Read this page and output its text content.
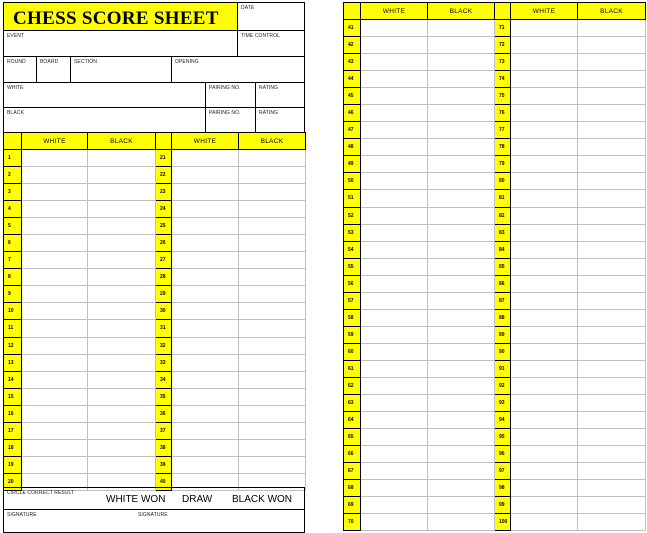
CHESS SCORE SHEET	DATE
EVENT	TIME CONTROL
ROUND	BOARD	SECTION	OPENING
WHITE	PAIRING NO.	RATING
BLACK	PAIRING NO.	RATING
	WHITE	BLACK		WHITE	BLACK
1			21		
2			22		
3			23		
4			24		
5			25		
6			26		
7			27		
8			28		
9			29		
10			30		
11			31		
12			32		
13			33		
14			34		
15			35		
16			36		
17			37		
18			38		
19			39		
20			40		
CIRCLE CORRECT RESULT
WHITE WON DRAW BLACK WON
SIGNATURE	SIGNATURE
	WHITE	BLACK		WHITE	BLACK
41			71		
42			72		
43			73		
44			74		
45			75		
46			76		
47			77		
48			78		
49			79		
50			80		
51			81		
52			82		
53			83		
54			84		
55			85		
56			86		
57			87		
58			88		
59			89		
60			90		
61			91		
62			92		
63			93		
64			94		
65			95		
66			96		
67			97		
68			98		
69			99		
70			100		
